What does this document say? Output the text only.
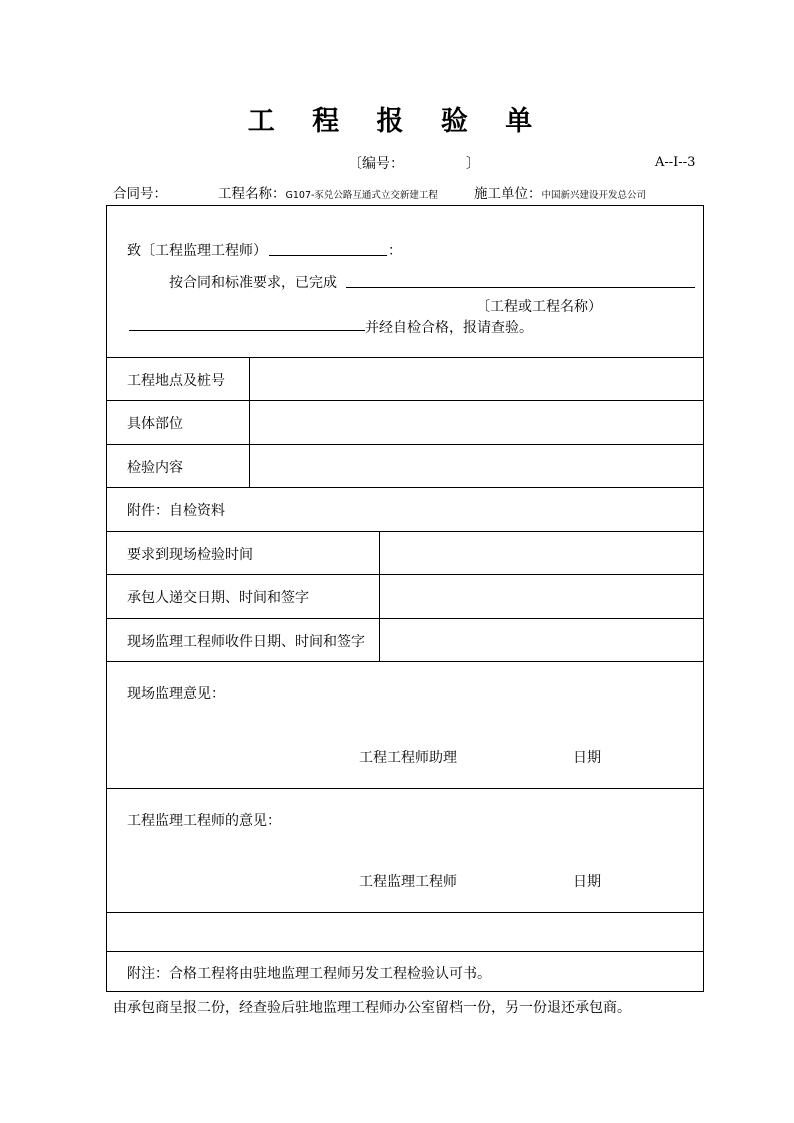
工 程 报 验 单
〔编号：	〕	A--I--3
合同号：	工程名称：G107-豕兑公路互通式立交新建工程	施工单位：中国新兴建设开发总公司
致〔工程监理工程师）	：
按合同和标准要求，已完成
〔工程或工程名称）
并经自检合格，报请查验。
工程地点及桩号
具体部位
检验内容
附件：自检资料
要求到现场检验时间
承包人递交日期、时间和签字
现场监理工程师收件日期、时间和签字
现场监理意见：
工程工程师助理	日期
工程监理工程师的意见：
工程监理工程师	日期
附注：合格工程将由驻地监理工程师另发工程检验认可书。
由承包商呈报二份，经查验后驻地监理工程师办公室留档一份，另一份退还承包商。
